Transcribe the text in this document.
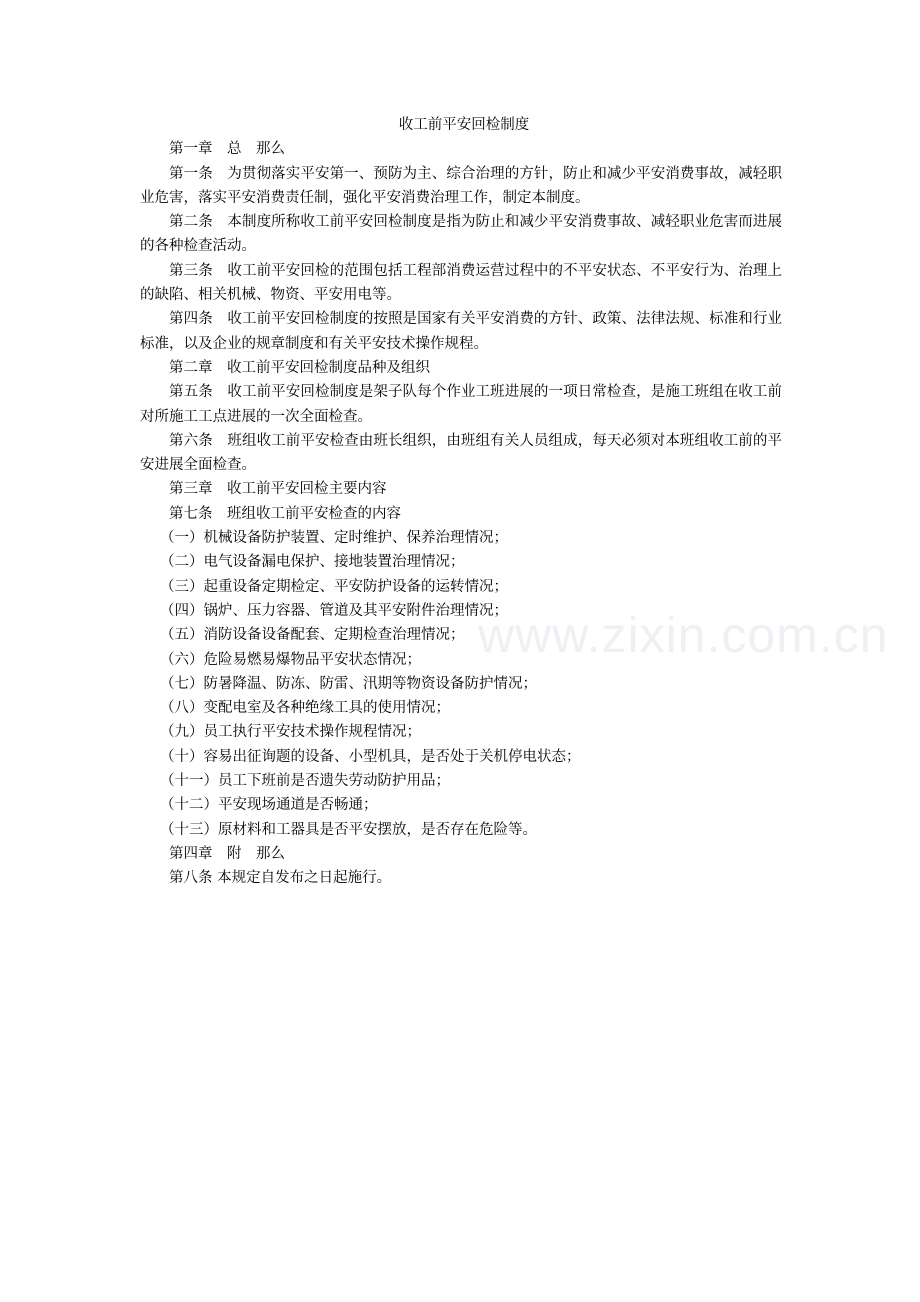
www.zixin.com.cn
收工前平安回检制度

第一章　总　那么

第一条　为贯彻落实平安第一、预防为主、综合治理的方针，防止和减少平安消费事故，减轻职业危害，落实平安消费责任制，强化平安消费治理工作，制定本制度。

第二条　本制度所称收工前平安回检制度是指为防止和减少平安消费事故、减轻职业危害而进展的各种检查活动。

第三条　收工前平安回检的范围包括工程部消费运营过程中的不平安状态、不平安行为、治理上的缺陷、相关机械、物资、平安用电等。

第四条　收工前平安回检制度的按照是国家有关平安消费的方针、政策、法律法规、标准和行业标准，以及企业的规章制度和有关平安技术操作规程。

第二章　收工前平安回检制度品种及组织

第五条　收工前平安回检制度是架子队每个作业工班进展的一项日常检查，是施工班组在收工前对所施工工点进展的一次全面检查。

第六条　班组收工前平安检查由班长组织，由班组有关人员组成，每天必须对本班组收工前的平安进展全面检查。

第三章　收工前平安回检主要内容

第七条　班组收工前平安检查的内容

（一）机械设备防护装置、定时维护、保养治理情况；

（二）电气设备漏电保护、接地装置治理情况；

（三）起重设备定期检定、平安防护设备的运转情况；

（四）锅炉、压力容器、管道及其平安附件治理情况；

（五）消防设备设备配套、定期检查治理情况；

（六）危险易燃易爆物品平安状态情况；

（七）防暑降温、防冻、防雷、汛期等物资设备防护情况；

（八）变配电室及各种绝缘工具的使用情况；

（九）员工执行平安技术操作规程情况；

（十）容易出征询题的设备、小型机具，是否处于关机停电状态；

（十一）员工下班前是否遗失劳动防护用品；

（十二）平安现场通道是否畅通；

（十三）原材料和工器具是否平安摆放，是否存在危险等。

第四章　附　那么

第八条 本规定自发布之日起施行。
